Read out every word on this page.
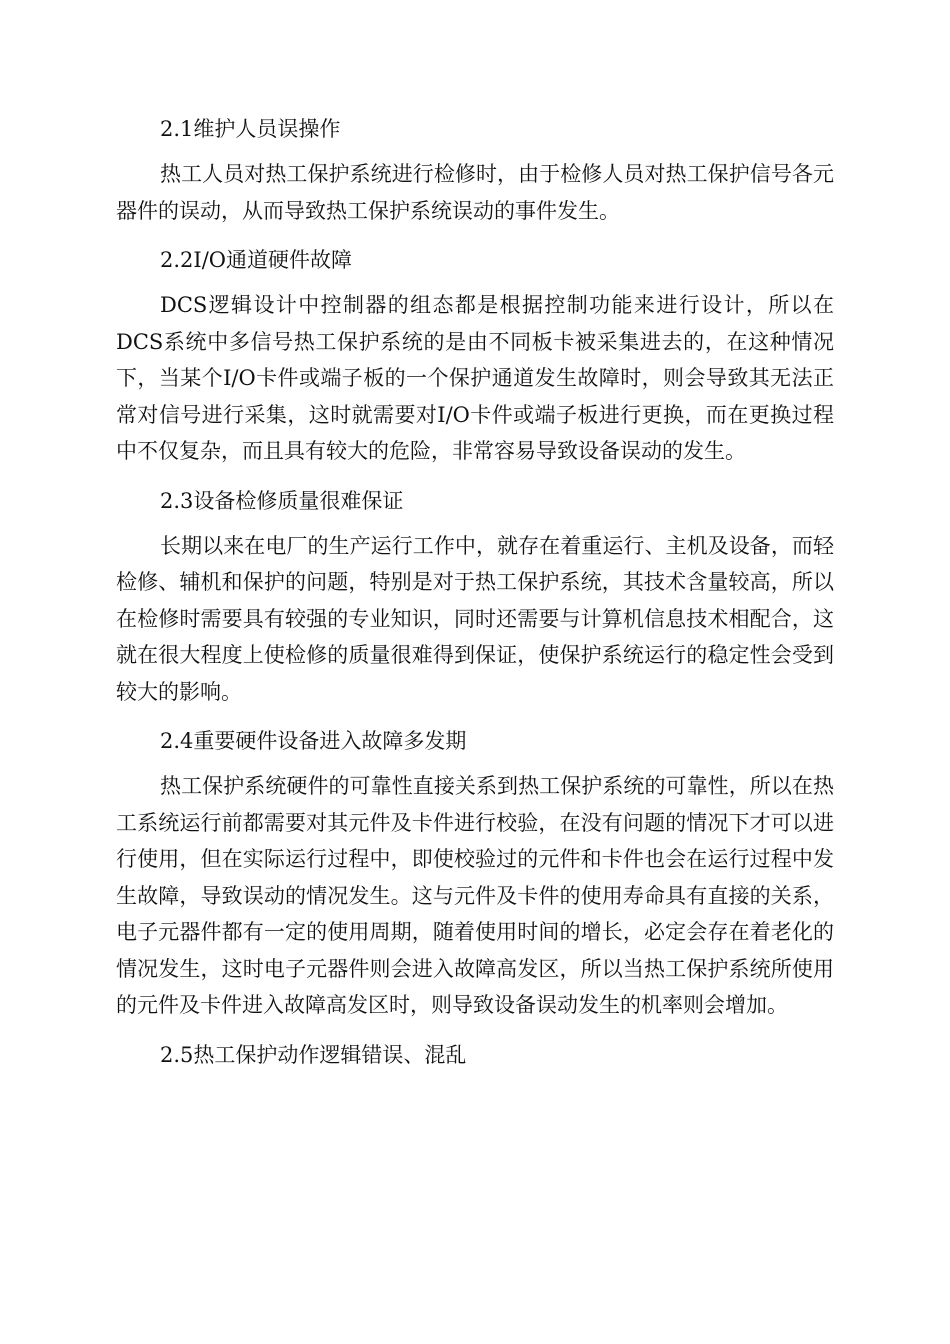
2.1维护人员误操作

热工人员对热工保护系统进行检修时，由于检修人员对热工保护信号各元器件的误动，从而导致热工保护系统误动的事件发生。

2.2I/O通道硬件故障

DCS逻辑设计中控制器的组态都是根据控制功能来进行设计，所以在DCS系统中多信号热工保护系统的是由不同板卡被采集进去的，在这种情况下，当某个I/O卡件或端子板的一个保护通道发生故障时，则会导致其无法正常对信号进行采集，这时就需要对I/O卡件或端子板进行更换，而在更换过程中不仅复杂，而且具有较大的危险，非常容易导致设备误动的发生。

2.3设备检修质量很难保证

长期以来在电厂的生产运行工作中，就存在着重运行、主机及设备，而轻检修、辅机和保护的问题，特别是对于热工保护系统，其技术含量较高，所以在检修时需要具有较强的专业知识，同时还需要与计算机信息技术相配合，这就在很大程度上使检修的质量很难得到保证，使保护系统运行的稳定性会受到较大的影响。

2.4重要硬件设备进入故障多发期

热工保护系统硬件的可靠性直接关系到热工保护系统的可靠性，所以在热工系统运行前都需要对其元件及卡件进行校验，在没有问题的情况下才可以进行使用，但在实际运行过程中，即使校验过的元件和卡件也会在运行过程中发生故障，导致误动的情况发生。这与元件及卡件的使用寿命具有直接的关系，电子元器件都有一定的使用周期，随着使用时间的增长，必定会存在着老化的情况发生，这时电子元器件则会进入故障高发区，所以当热工保护系统所使用的元件及卡件进入故障高发区时，则导致设备误动发生的机率则会增加。

2.5热工保护动作逻辑错误、混乱
